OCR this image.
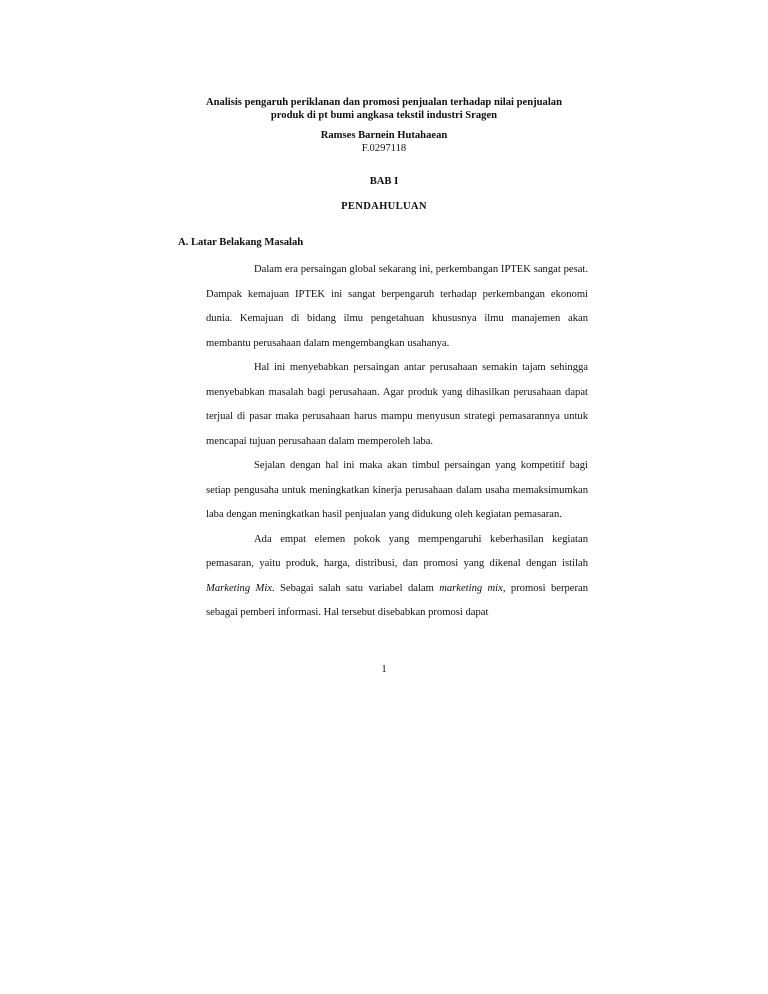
Analisis pengaruh periklanan dan promosi penjualan terhadap nilai penjualan
produk di pt bumi angkasa tekstil industri Sragen
Ramses Barnein Hutahaean
F.0297118
BAB I
PENDAHULUAN
A. Latar Belakang Masalah

Dalam era persaingan global sekarang ini, perkembangan IPTEK sangat pesat. Dampak kemajuan IPTEK ini sangat berpengaruh terhadap perkembangan ekonomi dunia. Kemajuan di bidang ilmu pengetahuan khususnya ilmu manajemen akan membantu perusahaan dalam mengembangkan usahanya.

Hal ini menyebabkan persaingan antar perusahaan semakin tajam sehingga menyebabkan masalah bagi perusahaan. Agar produk yang dihasilkan perusahaan dapat terjual di pasar maka perusahaan harus mampu menyusun strategi pemasarannya untuk mencapai tujuan perusahaan dalam memperoleh laba.

Sejalan dengan hal ini maka akan timbul persaingan yang kompetitif bagi setiap pengusaha untuk meningkatkan kinerja perusahaan dalam usaha memaksimumkan laba dengan meningkatkan hasil penjualan yang didukung oleh kegiatan pemasaran.

Ada empat elemen pokok yang mempengaruhi keberhasilan kegiatan pemasaran, yaitu produk, harga, distribusi, dan promosi yang dikenal dengan istilah Marketing Mix. Sebagai salah satu variabel dalam marketing mix, promosi berperan sebagai pemberi informasi. Hal tersebut disebabkan promosi dapat

1
